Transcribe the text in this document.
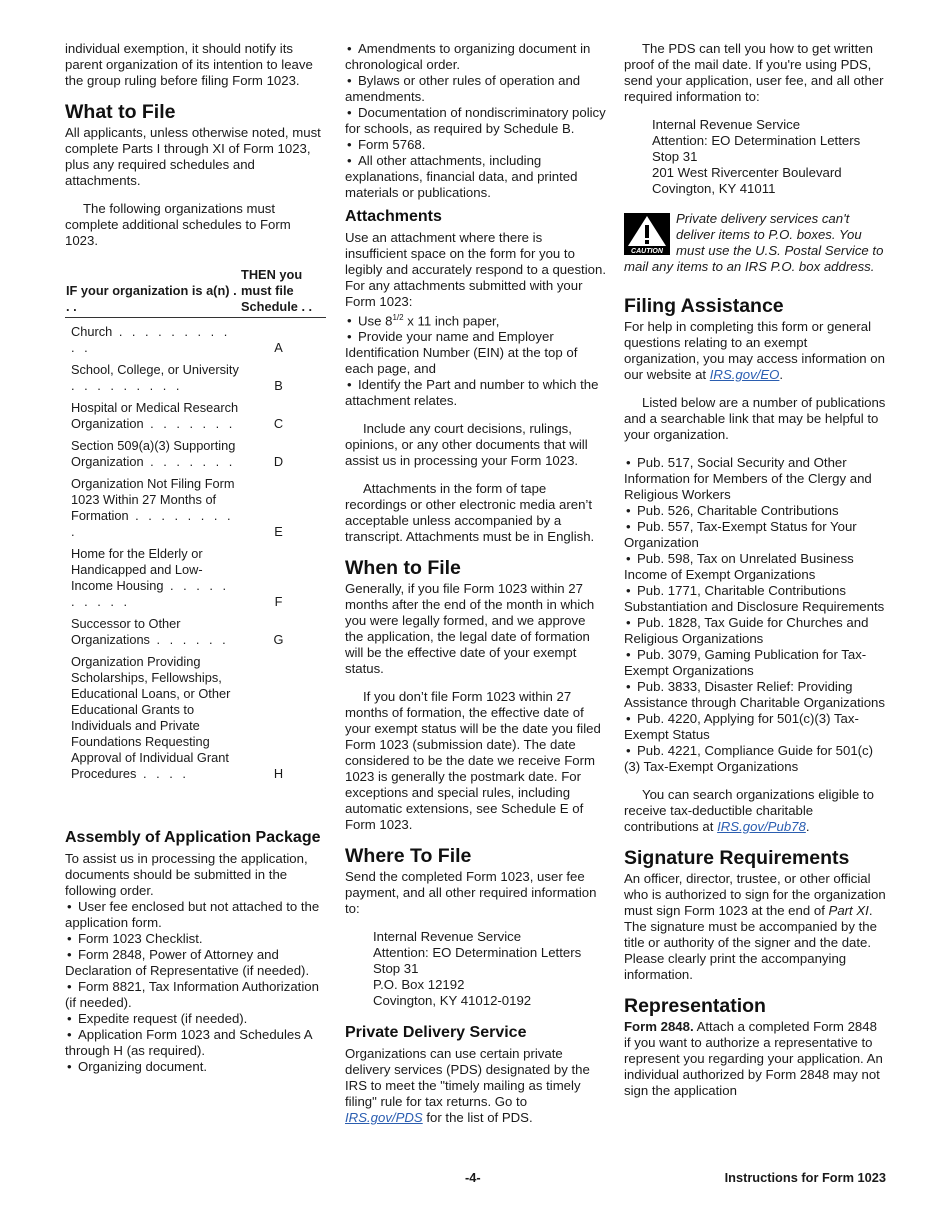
individual exemption, it should notify its parent organization of its intention to leave the group ruling before filing Form 1023.

What to File

All applicants, unless otherwise noted, must complete Parts I through XI of Form 1023, plus any required schedules and attachments.

The following organizations must complete additional schedules to Form 1023.

IF your organization is a(n) . . .
THEN you must file Schedule . .
Church . . . . . . . . . . .	A
School, College, or University . . . . . . . . .	B
Hospital or Medical Research Organization . . . . . . .	C
Section 509(a)(3) Supporting Organization . . . . . . .	D
Organization Not Filing Form 1023 Within 27 Months of Formation . . . . . . . . .	E
Home for the Elderly or Handicapped and Low-Income Housing . . . . . . . . . .	F
Successor to Other Organizations . . . . . .	G
Organization Providing Scholarships, Fellowships, Educational Loans, or Other Educational Grants to Individuals and Private Foundations Requesting Approval of Individual Grant Procedures . . . .	H
Assembly of Application Package

To assist us in processing the application, documents should be submitted in the following order.

• User fee enclosed but not attached to the application form.
• Form 1023 Checklist.
• Form 2848, Power of Attorney and Declaration of Representative (if needed).
• Form 8821, Tax Information Authorization (if needed).
• Expedite request (if needed).
• Application Form 1023 and Schedules A through H (as required).
• Organizing document.
• Amendments to organizing document in chronological order.
• Bylaws or other rules of operation and amendments.
• Documentation of nondiscriminatory policy for schools, as required by Schedule B.
• Form 5768.
• All other attachments, including explanations, financial data, and printed materials or publications.
Attachments

Use an attachment where there is insufficient space on the form for you to legibly and accurately respond to a question. For any attachments submitted with your Form 1023:

• Use $8^{1/2}$ x 11 inch paper,
• Provide your name and Employer Identification Number (EIN) at the top of each page, and
• Identify the Part and number to which the attachment relates.

Include any court decisions, rulings, opinions, or any other documents that will assist us in processing your Form 1023.

Attachments in the form of tape recordings or other electronic media aren’t acceptable unless accompanied by a transcript. Attachments must be in English.

When to File

Generally, if you file Form 1023 within 27 months after the end of the month in which you were legally formed, and we approve the application, the legal date of formation will be the effective date of your exempt status.

If you don’t file Form 1023 within 27 months of formation, the effective date of your exempt status will be the date you filed Form 1023 (submission date). The date considered to be the date we receive Form 1023 is generally the postmark date. For exceptions and special rules, including automatic extensions, see Schedule E of Form 1023.

Where To File

Send the completed Form 1023, user fee payment, and all other required information to:

Internal Revenue Service
Attention: EO Determination Letters
Stop 31
P.O. Box 12192
Covington, KY 41012-0192
Private Delivery Service

Organizations can use certain private delivery services (PDS) designated by the IRS to meet the "timely mailing as timely filing" rule for tax returns. Go to IRS.gov/PDS for the list of PDS.

The PDS can tell you how to get written proof of the mail date. If you're using PDS, send your application, user fee, and all other required information to:

Internal Revenue Service
Attention: EO Determination Letters
Stop 31
201 West Rivercenter Boulevard
Covington, KY 41011
CAUTION
Private delivery services can't deliver items to P.O. boxes. You must use the U.S. Postal Service to mail any items to an IRS P.O. box address.
Filing Assistance

For help in completing this form or general questions relating to an exempt organization, you may access information on our website at IRS.gov/EO.

Listed below are a number of publications and a searchable link that may be helpful to your organization.

• Pub. 517, Social Security and Other Information for Members of the Clergy and Religious Workers
• Pub. 526, Charitable Contributions
• Pub. 557, Tax-Exempt Status for Your Organization
• Pub. 598, Tax on Unrelated Business Income of Exempt Organizations
• Pub. 1771, Charitable Contributions Substantiation and Disclosure Requirements
• Pub. 1828, Tax Guide for Churches and Religious Organizations
• Pub. 3079, Gaming Publication for Tax-Exempt Organizations
• Pub. 3833, Disaster Relief: Providing Assistance through Charitable Organizations
• Pub. 4220, Applying for 501(c)(3) Tax-Exempt Status
• Pub. 4221, Compliance Guide for 501(c)(3) Tax-Exempt Organizations

You can search organizations eligible to receive tax-deductible charitable contributions at IRS.gov/Pub78.

Signature Requirements

An officer, director, trustee, or other official who is authorized to sign for the organization must sign Form 1023 at the end of Part XI. The signature must be accompanied by the title or authority of the signer and the date. Please clearly print the accompanying information.

Representation

Form 2848. Attach a completed Form 2848 if you want to authorize a representative to represent you regarding your application. An individual authorized by Form 2848 may not sign the application

-4-	Instructions for Form 1023
